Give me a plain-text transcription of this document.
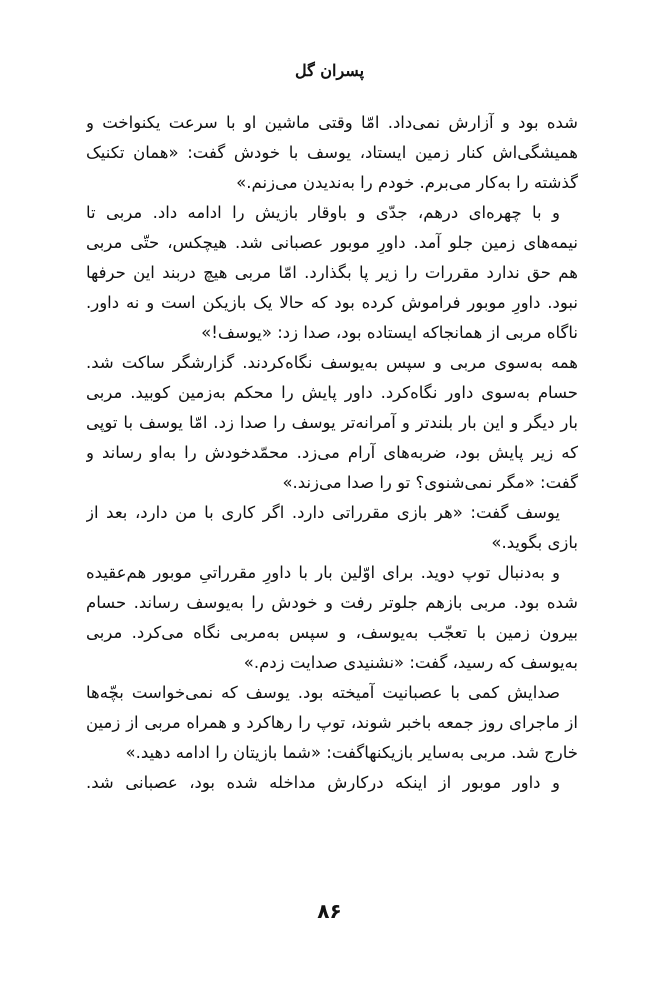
پسران گل
شده بود و آزارش نمی‌داد. امّا وقتی ماشین او با سرعت یکنواخت و
همیشگی‌اش کنار زمین ایستاد، یوسف با خودش گفت: «همان تکنیک
گذشته را به‌کار می‌برم. خودم را به‌ندیدن می‌زنم.»
و با چهره‌ای درهم، جدّی و باوقار بازیش را ادامه داد. مربی تا
نیمه‌های زمین جلو آمد. داورِ موبور عصبانی شد. هیچکس، حتّی مربی
هم حق ندارد مقررات را زیر پا بگذارد. امّا مربی هیچ دربند این حرفها
نبود. داورِ موبور فراموش کرده بود که حالا یک بازیکن است و نه داور.
ناگاه مربی از همانجاکه ایستاده بود، صدا زد: «یوسف!»
همه به‌سوی مربی و سپس به‌یوسف نگاه‌کردند. گزارشگر ساکت شد.
حسام به‌سوی داور نگاه‌کرد. داور پایش را محکم به‌زمین کوبید. مربی
بار دیگر و این بار بلندتر و آمرانه‌تر یوسف را صدا زد. امّا یوسف با توپی
که زیر پایش بود، ضربه‌های آرام می‌زد. محمّدخودش را به‌او رساند و
گفت: «مگر نمی‌شنوی؟ تو را صدا می‌زند.»
یوسف گفت: «هر بازی مقرراتی دارد. اگر کاری با من دارد، بعد از
بازی بگوید.»
و به‌دنبال توپ دوید. برای اوّلین بار با داورِ مقرراتیِ موبور هم‌عقیده
شده بود. مربی بازهم جلوتر رفت و خودش را به‌یوسف رساند. حسام
بیرون زمین با تعجّب به‌یوسف، و سپس به‌مربی نگاه می‌کرد. مربی
به‌یوسف که رسید، گفت: «نشنیدی صدایت زدم.»
صدایش کمی با عصبانیت آمیخته بود. یوسف که نمی‌خواست بچّه‌ها
از ماجرای روز جمعه باخبر شوند، توپ را رهاکرد و همراه مربی از زمین
خارج شد. مربی به‌سایر بازیکنهاگفت: «شما بازیتان را ادامه دهید.»
و داور موبور از اینکه درکارش مداخله شده بود، عصبانی شد.
۸۶
